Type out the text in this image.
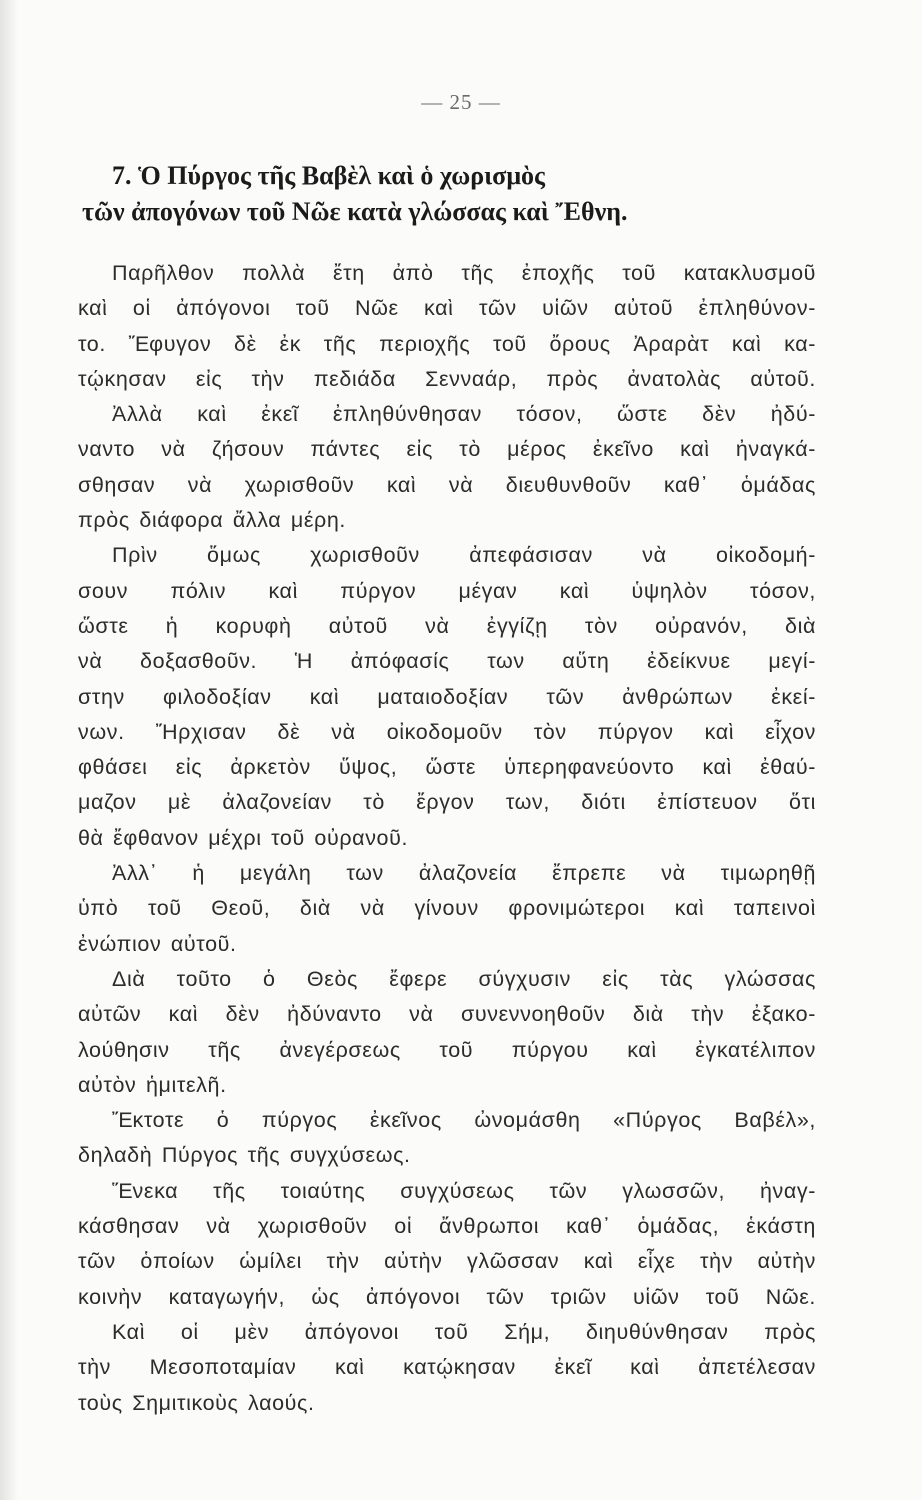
— 25 —
7. Ὁ Πύργος τῆς Βαβὲλ καὶ ὁ χωρισμὸς
τῶν ἀπογόνων τοῦ Νῶε κατὰ γλώσσας καὶ Ἔθνη.
Παρῆλθον πολλὰ ἔτη ἀπὸ τῆς ἐποχῆς τοῦ κατακλυσμοῦ
καὶ οἱ ἀπόγονοι τοῦ Νῶε καὶ τῶν υἱῶν αὐτοῦ ἐπληθύνον-
το. Ἔφυγον δὲ ἐκ τῆς περιοχῆς τοῦ ὄρους Ἀραρὰτ καὶ κα-
τῴκησαν εἰς τὴν πεδιάδα Σενναάρ, πρὸς ἀνατολὰς αὐτοῦ.
Ἀλλὰ καὶ ἐκεῖ ἐπληθύνθησαν τόσον, ὥστε δὲν ἠδύ-
ναντο νὰ ζήσουν πάντες εἰς τὸ μέρος ἐκεῖνο καὶ ἠναγκά-
σθησαν νὰ χωρισθοῦν καὶ νὰ διευθυνθοῦν καθ᾽ ὁμάδας
πρὸς διάφορα ἄλλα μέρη.
Πρὶν ὅμως χωρισθοῦν ἀπεφάσισαν νὰ οἰκοδομή-
σουν πόλιν καὶ πύργον μέγαν καὶ ὑψηλὸν τόσον,
ὥστε ἡ κορυφὴ αὐτοῦ νὰ ἐγγίζῃ τὸν οὐρανόν, διὰ
νὰ δοξασθοῦν. Ἡ ἀπόφασίς των αὕτη ἐδείκνυε μεγί-
στην φιλοδοξίαν καὶ ματαιοδοξίαν τῶν ἀνθρώπων ἐκεί-
νων. Ἤρχισαν δὲ νὰ οἰκοδομοῦν τὸν πύργον καὶ εἶχον
φθάσει εἰς ἀρκετὸν ὕψος, ὥστε ὑπερηφανεύοντο καὶ ἐθαύ-
μαζον μὲ ἀλαζονείαν τὸ ἔργον των, διότι ἐπίστευον ὅτι
θὰ ἔφθανον μέχρι τοῦ οὐρανοῦ.
Ἀλλ᾽ ἡ μεγάλη των ἀλαζονεία ἔπρεπε νὰ τιμωρηθῇ
ὑπὸ τοῦ Θεοῦ, διὰ νὰ γίνουν φρονιμώτεροι καὶ ταπεινοὶ
ἐνώπιον αὐτοῦ.
Διὰ τοῦτο ὁ Θεὸς ἔφερε σύγχυσιν εἰς τὰς γλώσσας
αὐτῶν καὶ δὲν ἠδύναντο νὰ συνεννοηθοῦν διὰ τὴν ἐξακο-
λούθησιν τῆς ἀνεγέρσεως τοῦ πύργου καὶ ἐγκατέλιπον
αὐτὸν ἡμιτελῆ.
Ἔκτοτε ὁ πύργος ἐκεῖνος ὠνομάσθη «Πύργος Βαβέλ»,
δηλαδὴ Πύργος τῆς συγχύσεως.
Ἕνεκα τῆς τοιαύτης συγχύσεως τῶν γλωσσῶν, ἠναγ-
κάσθησαν νὰ χωρισθοῦν οἱ ἄνθρωποι καθ᾽ ὁμάδας, ἑκάστη
τῶν ὁποίων ὡμίλει τὴν αὐτὴν γλῶσσαν καὶ εἶχε τὴν αὐτὴν
κοινὴν καταγωγήν, ὡς ἀπόγονοι τῶν τριῶν υἱῶν τοῦ Νῶε.
Καὶ οἱ μὲν ἀπόγονοι τοῦ Σήμ, διηυθύνθησαν πρὸς
τὴν Μεσοποταμίαν καὶ κατῴκησαν ἐκεῖ καὶ ἀπετέλεσαν
τοὺς Σημιτικοὺς λαούς.
